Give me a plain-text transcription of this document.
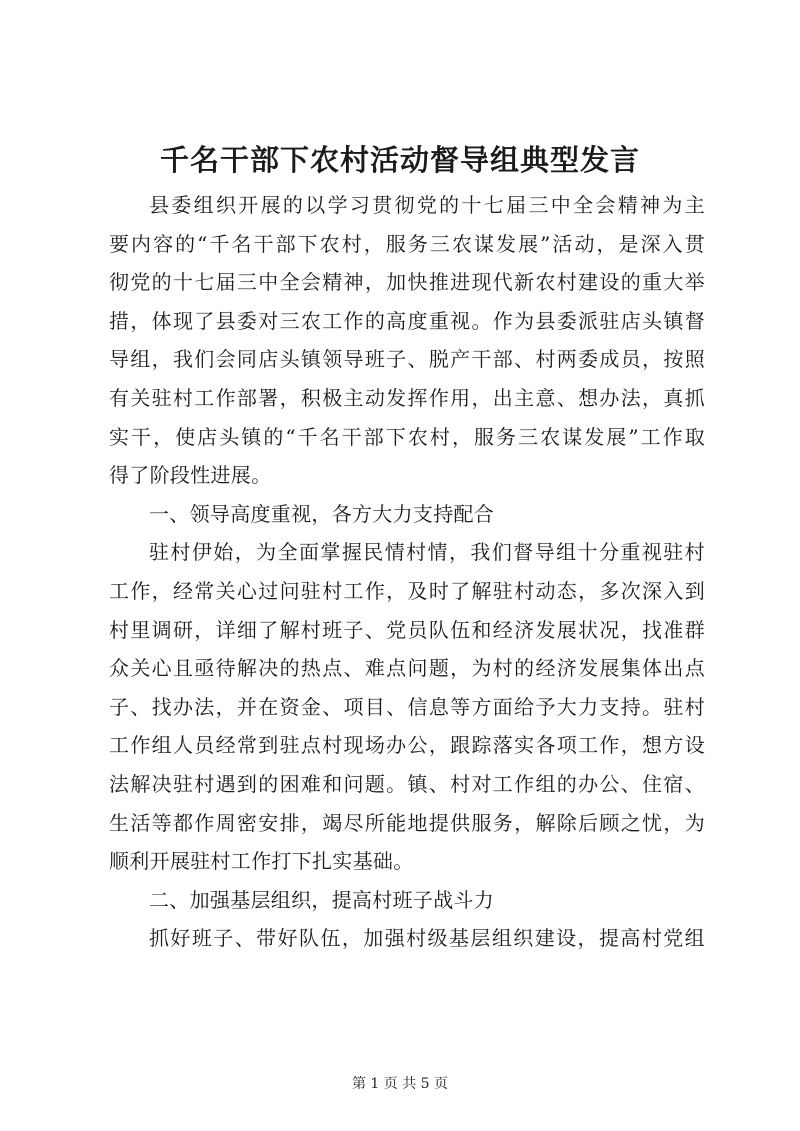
千名干部下农村活动督导组典型发言
县委组织开展的以学习贯彻党的十七届三中全会精神为主
要内容的“千名干部下农村，服务三农谋发展”活动，是深入贯
彻党的十七届三中全会精神，加快推进现代新农村建设的重大举
措，体现了县委对三农工作的高度重视。作为县委派驻店头镇督
导组，我们会同店头镇领导班子、脱产干部、村两委成员，按照
有关驻村工作部署，积极主动发挥作用，出主意、想办法，真抓
实干，使店头镇的“千名干部下农村，服务三农谋发展”工作取
得了阶段性进展。
一、领导高度重视，各方大力支持配合
驻村伊始，为全面掌握民情村情，我们督导组十分重视驻村
工作，经常关心过问驻村工作，及时了解驻村动态，多次深入到
村里调研，详细了解村班子、党员队伍和经济发展状况，找准群
众关心且亟待解决的热点、难点问题，为村的经济发展集体出点
子、找办法，并在资金、项目、信息等方面给予大力支持。驻村
工作组人员经常到驻点村现场办公，跟踪落实各项工作，想方设
法解决驻村遇到的困难和问题。镇、村对工作组的办公、住宿、
生活等都作周密安排，竭尽所能地提供服务，解除后顾之忧，为
顺利开展驻村工作打下扎实基础。
二、加强基层组织，提高村班子战斗力
抓好班子、带好队伍，加强村级基层组织建设，提高村党组
第 1 页 共 5 页
